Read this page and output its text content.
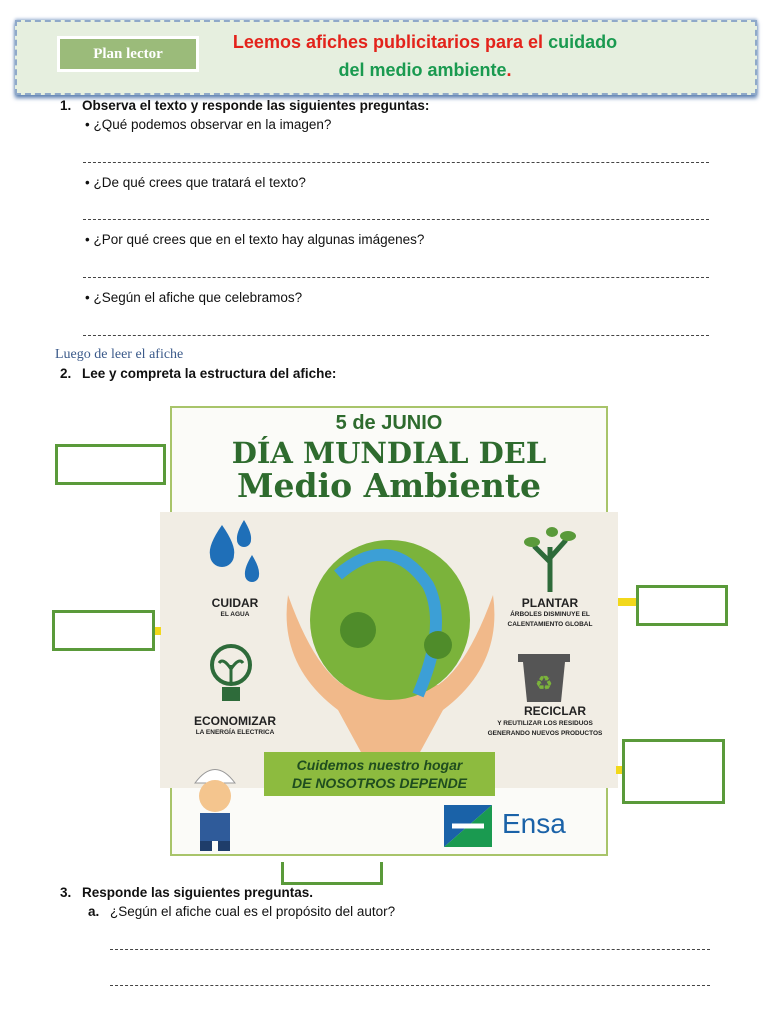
Plan lector
Leemos afiches publicitarios para el cuidado
del medio ambiente.
1. Observa el texto y responde las siguientes preguntas:
• ¿Qué podemos observar en la imagen?
• ¿De qué crees que tratará el texto?
• ¿Por qué crees que en el texto hay algunas imágenes?
• ¿Según el afiche que celebramos?
Luego de leer el afiche
2. Lee y compreta la estructura del afiche:
5 de JUNIO
DÍA MUNDIAL DEL
Medio Ambiente
CUIDAR
EL AGUA
ECONOMIZAR
LA ENERGÍA ELECTRICA
PLANTAR
ÁRBOLES DISMINUYE EL CALENTAMIENTO GLOBAL
♻
RECICLAR
Y REUTILIZAR LOS RESIDUOS GENERANDO NUEVOS PRODUCTOS
Cuidemos nuestro hogar
DE NOSOTROS DEPENDE
Ensa
3. Responde las siguientes preguntas.
a. ¿Según el afiche cual es el propósito del autor?
